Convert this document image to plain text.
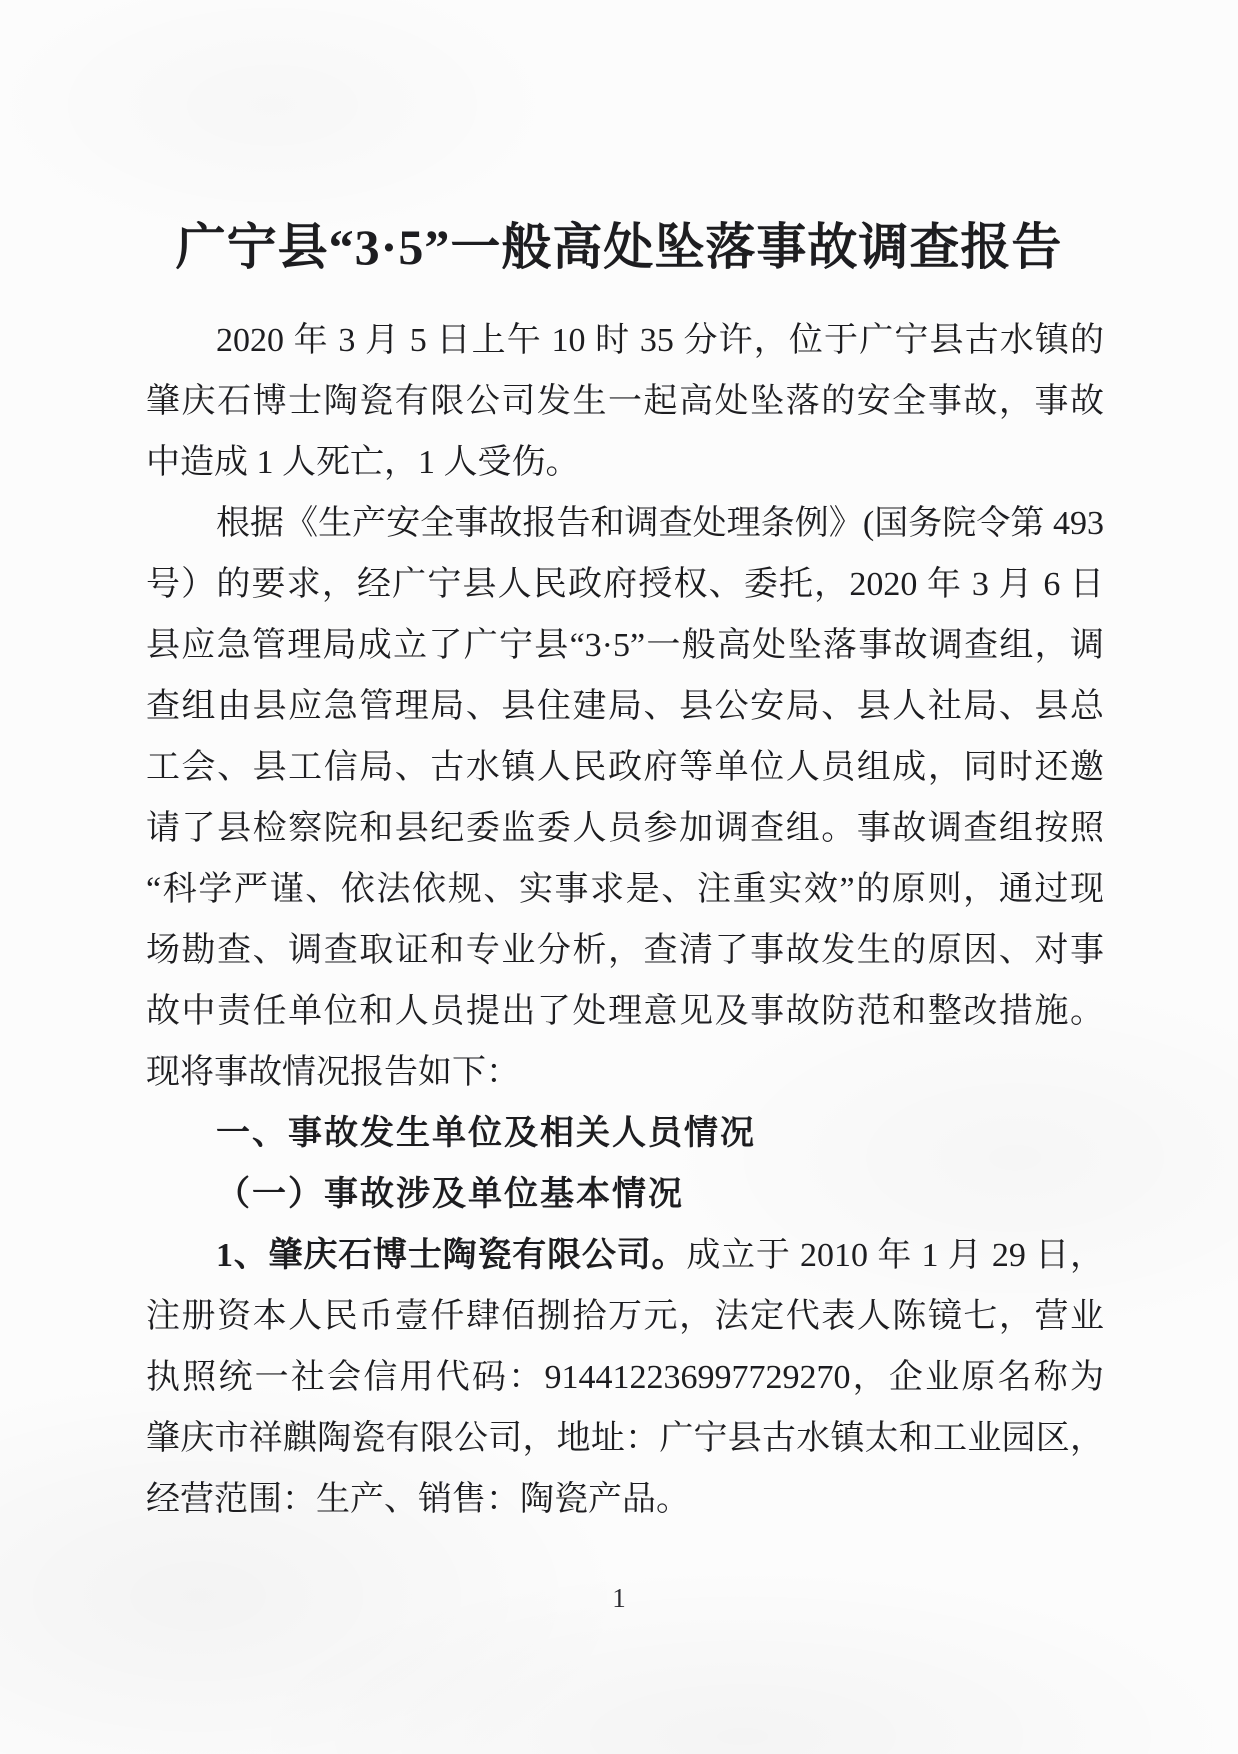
广宁县“3·5”一般高处坠落事故调查报告
2020 年 3 月 5 日上午 10 时 35 分许，位于广宁县古水镇的
肇庆石博士陶瓷有限公司发生一起高处坠落的安全事故，事故
中造成 1 人死亡，1 人受伤。
根据《生产安全事故报告和调查处理条例》(国务院令第 493
号）的要求，经广宁县人民政府授权、委托，2020 年 3 月 6 日
县应急管理局成立了广宁县“3·5”一般高处坠落事故调查组，调
查组由县应急管理局、县住建局、县公安局、县人社局、县总
工会、县工信局、古水镇人民政府等单位人员组成，同时还邀
请了县检察院和县纪委监委人员参加调查组。事故调查组按照
“科学严谨、依法依规、实事求是、注重实效”的原则，通过现
场勘查、调查取证和专业分析，查清了事故发生的原因、对事
故中责任单位和人员提出了处理意见及事故防范和整改措施。
现将事故情况报告如下：
一、事故发生单位及相关人员情况
（一）事故涉及单位基本情况
1、肇庆石博士陶瓷有限公司。成立于 2010 年 1 月 29 日，
注册资本人民币壹仟肆佰捌拾万元，法定代表人陈镜七，营业
执照统一社会信用代码：914412236997729270，企业原名称为
肇庆市祥麒陶瓷有限公司，地址：广宁县古水镇太和工业园区，
经营范围：生产、销售：陶瓷产品。
1
